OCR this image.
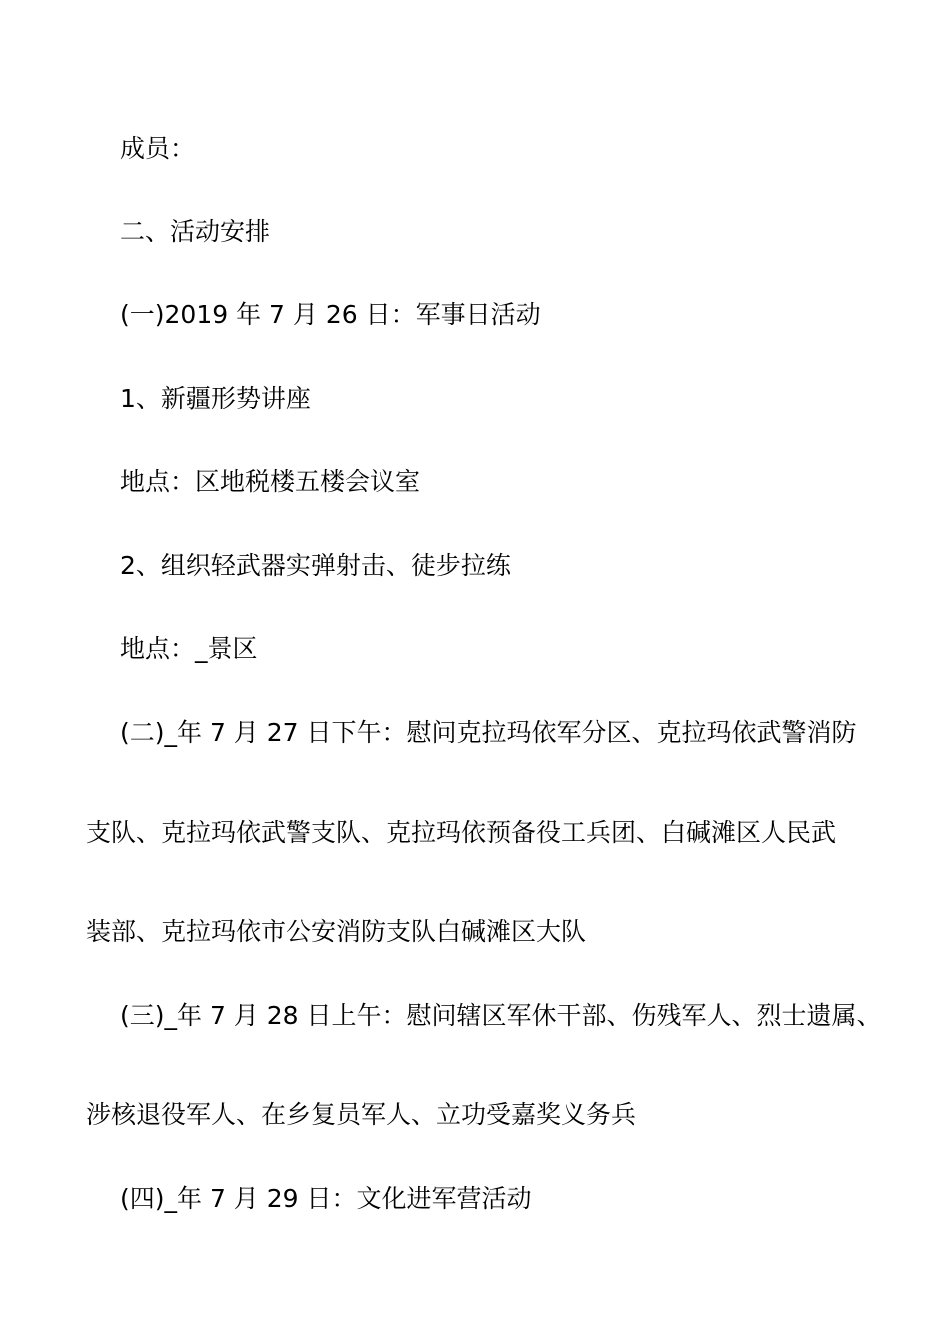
成员：

二、活动安排

(一)2019 年 7 月 26 日：军事日活动

1、新疆形势讲座

地点：区地税楼五楼会议室

2、组织轻武器实弹射击、徒步拉练

地点：_景区

(二)_年 7 月 27 日下午：慰问克拉玛依军分区、克拉玛依武警消防

支队、克拉玛依武警支队、克拉玛依预备役工兵团、白碱滩区人民武

装部、克拉玛依市公安消防支队白碱滩区大队

(三)_年 7 月 28 日上午：慰问辖区军休干部、伤残军人、烈士遗属、

涉核退役军人、在乡复员军人、立功受嘉奖义务兵

(四)_年 7 月 29 日：文化进军营活动
